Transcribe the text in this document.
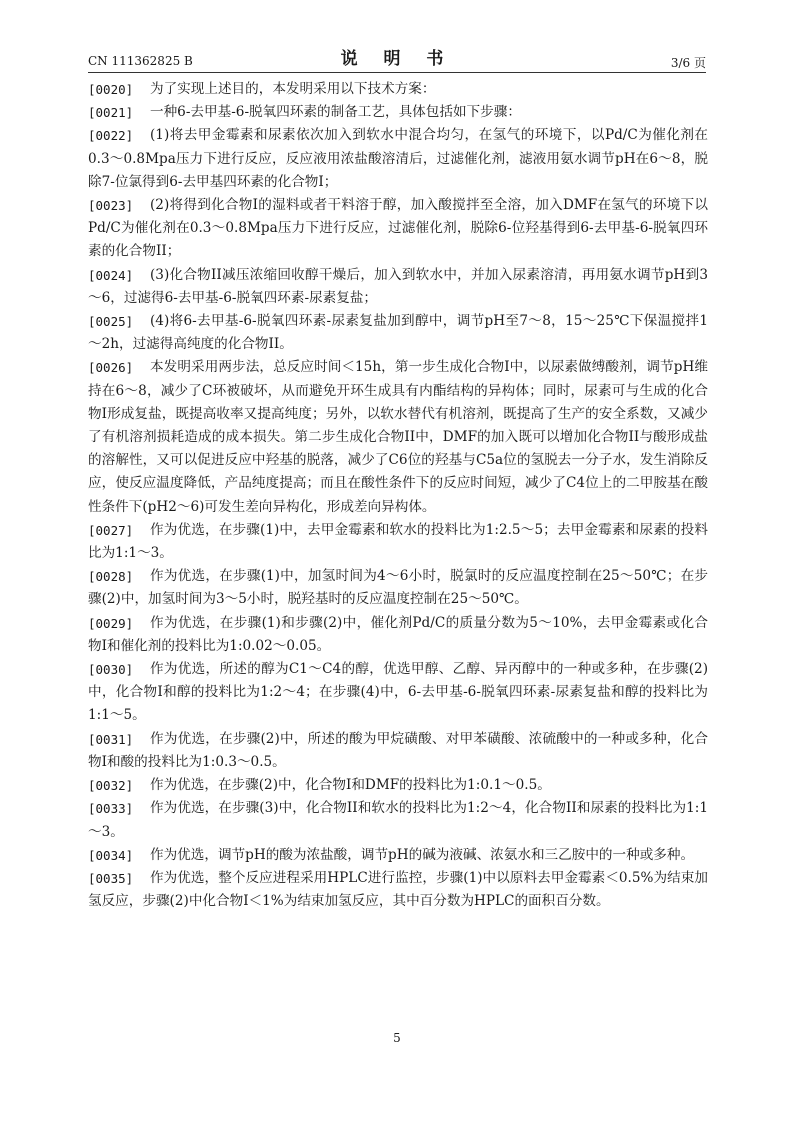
CN 111362825 B	说 明 书	3/6 页

[0020] 为了实现上述目的，本发明采用以下技术方案：

[0021] 一种6-去甲基-6-脱氧四环素的制备工艺，具体包括如下步骤：

[0022] (1)将去甲金霉素和尿素依次加入到软水中混合均匀，在氢气的环境下，以Pd/C为催化剂在0.3～0.8Mpa压力下进行反应，反应液用浓盐酸溶清后，过滤催化剂，滤液用氨水调节pH在6～8，脱除7-位氯得到6-去甲基四环素的化合物I；

[0023] (2)将得到化合物I的湿料或者干料溶于醇，加入酸搅拌至全溶，加入DMF在氢气的环境下以Pd/C为催化剂在0.3～0.8Mpa压力下进行反应，过滤催化剂，脱除6-位羟基得到6-去甲基-6-脱氧四环素的化合物II；

[0024] (3)化合物II减压浓缩回收醇干燥后，加入到软水中，并加入尿素溶清，再用氨水调节pH到3～6，过滤得6-去甲基-6-脱氧四环素-尿素复盐；

[0025] (4)将6-去甲基-6-脱氧四环素-尿素复盐加到醇中，调节pH至7～8，15～25℃下保温搅拌1～2h，过滤得高纯度的化合物II。

[0026] 本发明采用两步法，总反应时间＜15h，第一步生成化合物I中，以尿素做缚酸剂，调节pH维持在6～8，减少了C环被破坏，从而避免开环生成具有内酯结构的异构体；同时，尿素可与生成的化合物I形成复盐，既提高收率又提高纯度；另外，以软水替代有机溶剂，既提高了生产的安全系数，又减少了有机溶剂损耗造成的成本损失。第二步生成化合物II中，DMF的加入既可以增加化合物II与酸形成盐的溶解性，又可以促进反应中羟基的脱落，减少了C6位的羟基与C5a位的氢脱去一分子水，发生消除反应，使反应温度降低，产品纯度提高；而且在酸性条件下的反应时间短，减少了C4位上的二甲胺基在酸性条件下(pH2～6)可发生差向异构化，形成差向异构体。

[0027] 作为优选，在步骤(1)中，去甲金霉素和软水的投料比为1:2.5～5；去甲金霉素和尿素的投料比为1:1～3。

[0028] 作为优选，在步骤(1)中，加氢时间为4～6小时，脱氯时的反应温度控制在25～50℃；在步骤(2)中，加氢时间为3～5小时，脱羟基时的反应温度控制在25～50℃。

[0029] 作为优选，在步骤(1)和步骤(2)中，催化剂Pd/C的质量分数为5～10%，去甲金霉素或化合物I和催化剂的投料比为1:0.02～0.05。

[0030] 作为优选，所述的醇为C1～C4的醇，优选甲醇、乙醇、异丙醇中的一种或多种，在步骤(2)中，化合物I和醇的投料比为1:2～4；在步骤(4)中，6-去甲基-6-脱氧四环素-尿素复盐和醇的投料比为1:1～5。

[0031] 作为优选，在步骤(2)中，所述的酸为甲烷磺酸、对甲苯磺酸、浓硫酸中的一种或多种，化合物I和酸的投料比为1:0.3～0.5。

[0032] 作为优选，在步骤(2)中，化合物I和DMF的投料比为1:0.1～0.5。

[0033] 作为优选，在步骤(3)中，化合物II和软水的投料比为1:2～4，化合物II和尿素的投料比为1:1～3。

[0034] 作为优选，调节pH的酸为浓盐酸，调节pH的碱为液碱、浓氨水和三乙胺中的一种或多种。

[0035] 作为优选，整个反应进程采用HPLC进行监控，步骤(1)中以原料去甲金霉素＜0.5%为结束加氢反应，步骤(2)中化合物I＜1%为结束加氢反应，其中百分数为HPLC的面积百分数。

5
